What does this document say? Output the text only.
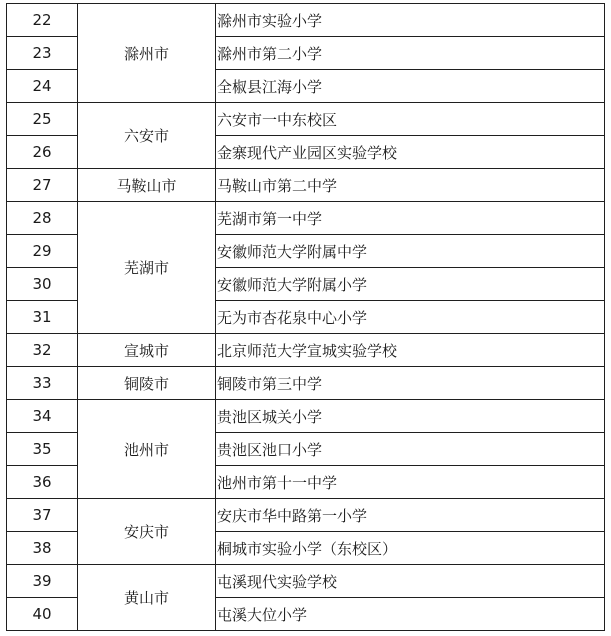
22	滁州市	滁州市实验小学
23		滁州市第二小学
24		全椒县江海小学
25	六安市	六安市一中东校区
26		金寨现代产业园区实验学校
27	马鞍山市	马鞍山市第二中学
28	芜湖市	芜湖市第一中学
29		安徽师范大学附属中学
30		安徽师范大学附属小学
31		无为市杏花泉中心小学
32	宣城市	北京师范大学宣城实验学校
33	铜陵市	铜陵市第三中学
34	池州市	贵池区城关小学
35		贵池区池口小学
36		池州市第十一中学
37	安庆市	安庆市华中路第一小学
38		桐城市实验小学（东校区）
39	黄山市	屯溪现代实验学校
40		屯溪大位小学
